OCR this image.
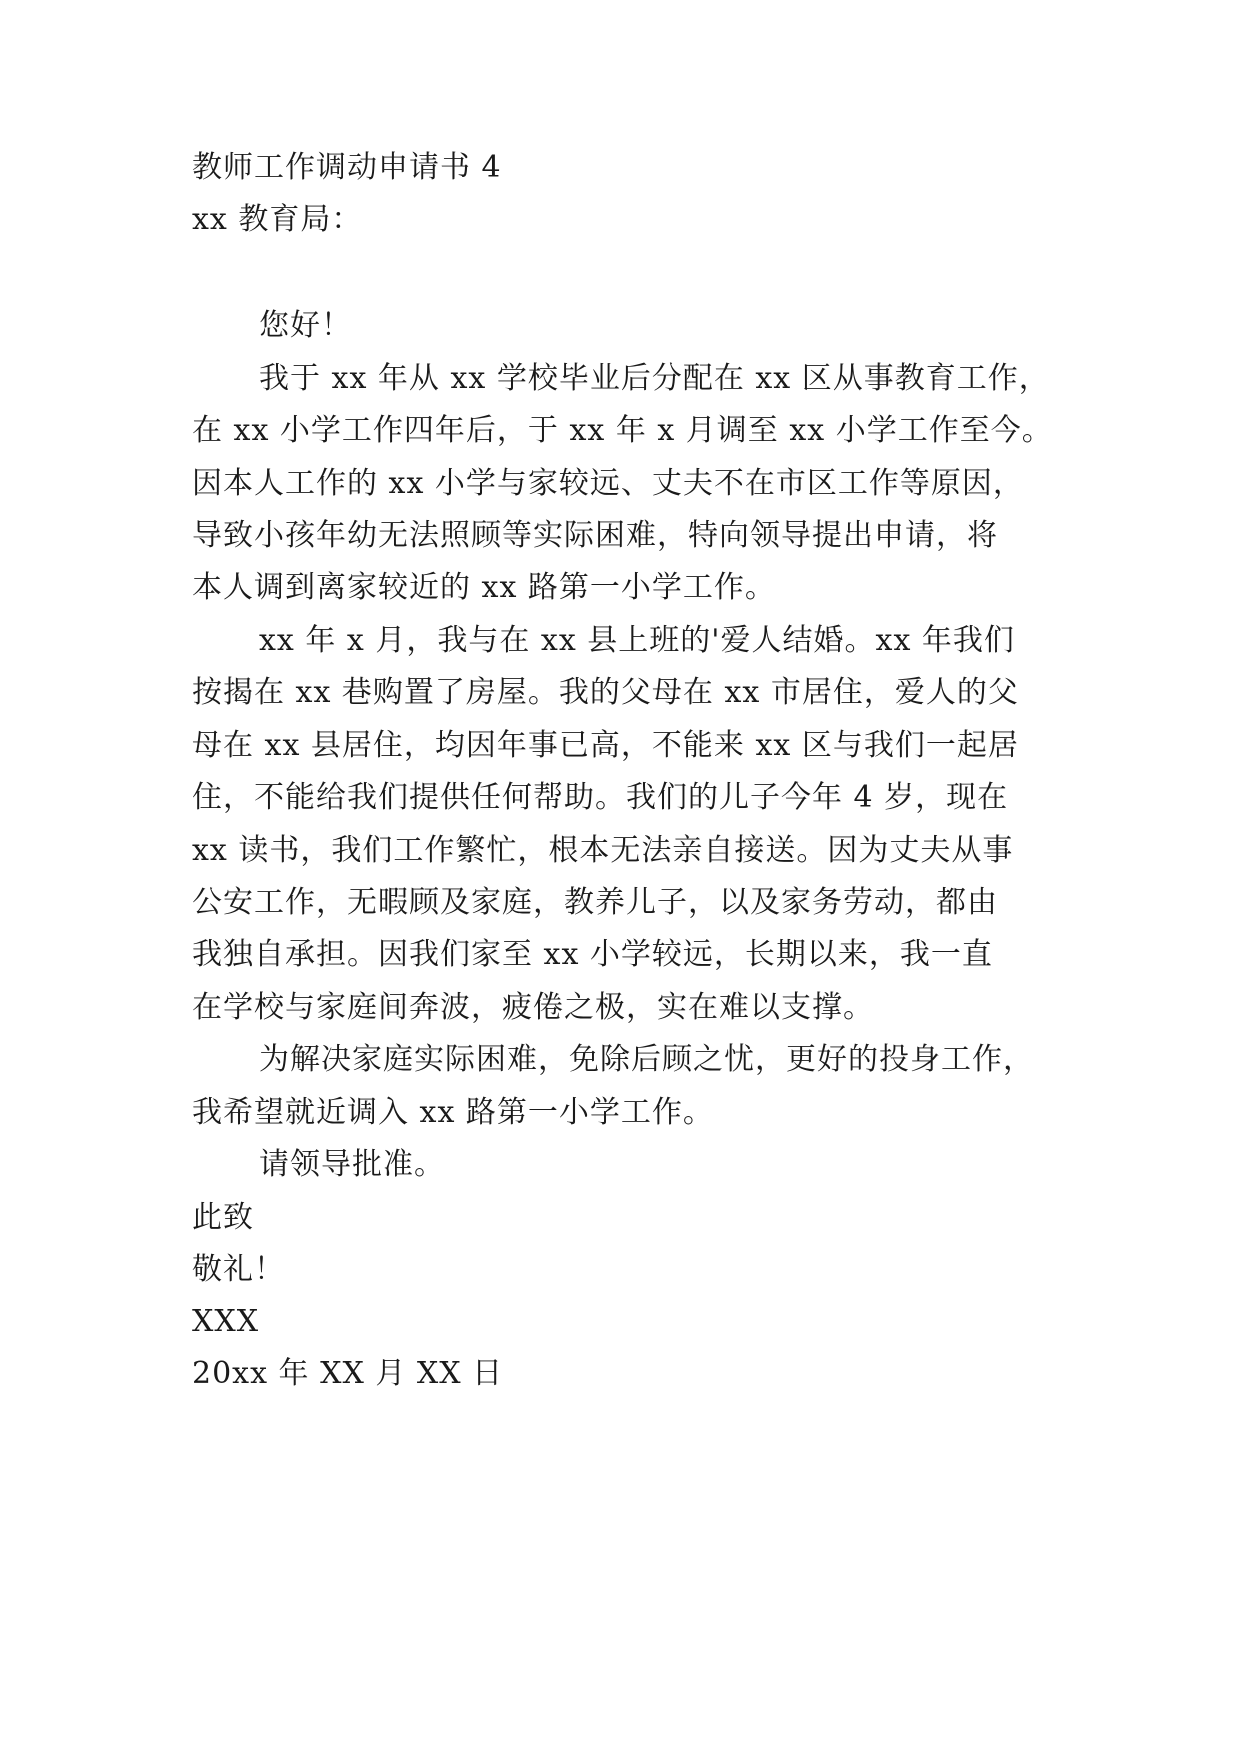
教师工作调动申请书 4
xx 教育局：
您好！
我于 xx 年从 xx 学校毕业后分配在 xx 区从事教育工作，
在 xx 小学工作四年后，于 xx 年 x 月调至 xx 小学工作至今。
因本人工作的 xx 小学与家较远、丈夫不在市区工作等原因，
导致小孩年幼无法照顾等实际困难，特向领导提出申请，将
本人调到离家较近的 xx 路第一小学工作。
xx 年 x 月，我与在 xx 县上班的'爱人结婚。xx 年我们
按揭在 xx 巷购置了房屋。我的父母在 xx 市居住，爱人的父
母在 xx 县居住，均因年事已高，不能来 xx 区与我们一起居
住，不能给我们提供任何帮助。我们的儿子今年 4 岁，现在
xx 读书，我们工作繁忙，根本无法亲自接送。因为丈夫从事
公安工作，无暇顾及家庭，教养儿子，以及家务劳动，都由
我独自承担。因我们家至 xx 小学较远，长期以来，我一直
在学校与家庭间奔波，疲倦之极，实在难以支撑。
为解决家庭实际困难，免除后顾之忧，更好的投身工作，
我希望就近调入 xx 路第一小学工作。
请领导批准。
此致
敬礼！
XXX
20xx 年 XX 月 XX 日
